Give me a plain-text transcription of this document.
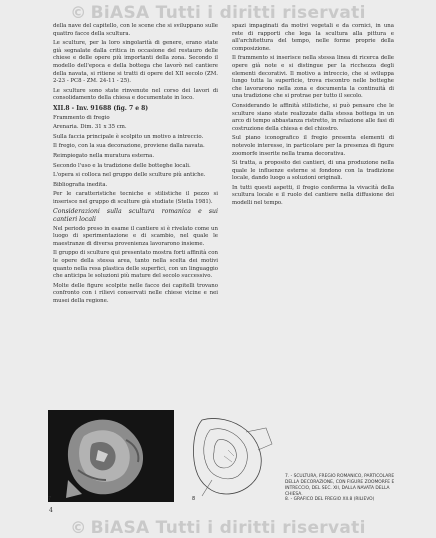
© BiASA Tutti i diritti riservati

della nave del capitello, con le scene che si sviluppano sulle quattro facce della scultura.

Le sculture, per la loro singolarità di genere, erano state già segnalate dalla critica in occasione del restauro delle chiese e delle opere più importanti della zona. Secondo il modello dell'epoca e della bottega che lavorò nel cantiere della navata, si ritiene si tratti di opere del XII secolo (ZM. 2-23 - PC8 - ZM. 24-11 - 25).

Le sculture sono state rinvenute nel corso dei lavori di consolidamento della chiesa e documentate in loco.

XII.8 - Inv. 91688 (fig. 7 e 8)

Frammento di fregio

Arenaria. Dim. 31 x 35 cm.

Sulla faccia principale è scolpito un motivo a intreccio.

Il fregio, con la sua decorazione, proviene dalla navata.

Reimpiegato nella muratura esterna.

Secondo l'uso e la tradizione delle botteghe locali.

L'opera si colloca nel gruppo delle sculture più antiche.

Bibliografia inedita.

Per le caratteristiche tecniche e stilistiche il pezzo si inserisce nel gruppo di sculture già studiate (Stella 1981).

Considerazioni sulla scultura romanica e sui cantieri locali

Nel periodo preso in esame il cantiere si è rivelato come un luogo di sperimentazione e di scambio, nel quale le maestranze di diversa provenienza lavorarono insieme.

Il gruppo di sculture qui presentato mostra forti affinità con le opere della stessa area, tanto nella scelta dei motivi quanto nella resa plastica delle superfici, con un linguaggio che anticipa le soluzioni più mature del secolo successivo.

Molte delle figure scolpite nelle facce dei capitelli trovano confronto con i rilievi conservati nelle chiese vicine e nei musei della regione.

spazi impaginati da motivi vegetali e da cornici, in una rete di rapporti che lega la scultura alla pittura e all'architettura del tempo, nelle forme proprie della composizione.

Il frammento si inserisce nella stessa linea di ricerca delle opere già note e si distingue per la ricchezza degli elementi decorativi. Il motivo a intreccio, che si sviluppa lungo tutta la superficie, trova riscontro nelle botteghe che lavorarono nella zona e documenta la continuità di una tradizione che si protrae per tutto il secolo.

Considerando le affinità stilistiche, si può pensare che le sculture siano state realizzate dalla stessa bottega in un arco di tempo abbastanza ristretto, in relazione alle fasi di costruzione della chiesa e del chiostro.

Sul piano iconografico il fregio presenta elementi di notevole interesse, in particolare per la presenza di figure zoomorfe inserite nella trama decorativa.

Si tratta, a proposito dei cantieri, di una produzione nella quale le influenze esterne si fondono con la tradizione locale, dando luogo a soluzioni originali.

In tutti questi aspetti, il fregio conferma la vivacità della scultura locale e il ruolo del cantiere nella diffusione dei modelli nel tempo.

7	8
7. - SCULTURA, FREGIO ROMANICO, PARTICOLARE DELLA DECORAZIONE, CON FIGURE ZOOMORFE E INTRECCIO, DEL SEC. XII, DALLA NAVATA DELLA CHIESA.
8. - GRAFICO DEL FREGIO XII.8 (RILIEVO)
4
© BiASA Tutti i diritti riservati
